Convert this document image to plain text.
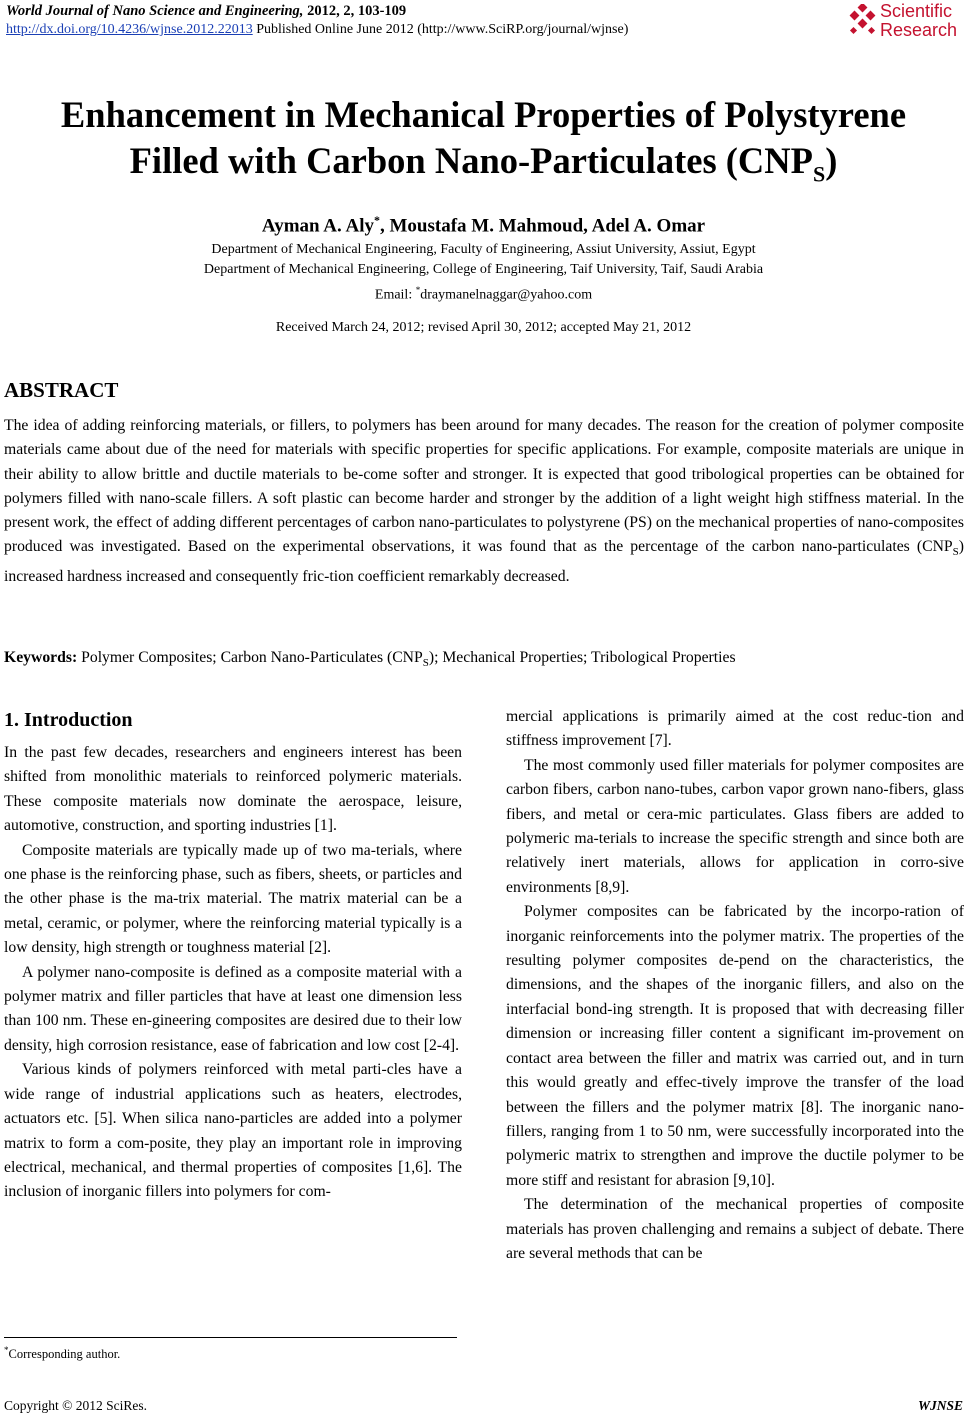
World Journal of Nano Science and Engineering, 2012, 2, 103-109
http://dx.doi.org/10.4236/wjnse.2012.22013 Published Online June 2012 (http://www.SciRP.org/journal/wjnse)
Scientific
Research
Enhancement in Mechanical Properties of Polystyrene
Filled with Carbon Nano-Particulates $(CNP_S)$
Ayman A. Aly*, Moustafa M. Mahmoud, Adel A. Omar
Department of Mechanical Engineering, Faculty of Engineering, Assiut University, Assiut, Egypt
Department of Mechanical Engineering, College of Engineering, Taif University, Taif, Saudi Arabia
Email: *draymanelnaggar@yahoo.com
Received March 24, 2012; revised April 30, 2012; accepted May 21, 2012
ABSTRACT
The idea of adding reinforcing materials, or fillers, to polymers has been around for many decades. The reason for the creation of polymer composite materials came about due of the need for materials with specific properties for specific applications. For example, composite materials are unique in their ability to allow brittle and ductile materials to be-come softer and stronger. It is expected that good tribological properties can be obtained for polymers filled with nano-scale fillers. A soft plastic can become harder and stronger by the addition of a light weight high stiffness material. In the present work, the effect of adding different percentages of carbon nano-particulates to polystyrene (PS) on the mechanical properties of nano-composites produced was investigated. Based on the experimental observations, it was found that as the percentage of the carbon nano-particulates $(CNP_S)$ increased hardness increased and consequently fric-tion coefficient remarkably decreased.
Keywords: Polymer Composites; Carbon Nano-Particulates $(CNP_S)$; Mechanical Properties; Tribological Properties
1. Introduction

In the past few decades, researchers and engineers interest has been shifted from monolithic materials to reinforced polymeric materials. These composite materials now dominate the aerospace, leisure, automotive, construction, and sporting industries [1].

Composite materials are typically made up of two ma-terials, where one phase is the reinforcing phase, such as fibers, sheets, or particles and the other phase is the ma-trix material. The matrix material can be a metal, ceramic, or polymer, where the reinforcing material typically is a low density, high strength or toughness material [2].

A polymer nano-composite is defined as a composite material with a polymer matrix and filler particles that have at least one dimension less than 100 nm. These en-gineering composites are desired due to their low density, high corrosion resistance, ease of fabrication and low cost [2-4].

Various kinds of polymers reinforced with metal parti-cles have a wide range of industrial applications such as heaters, electrodes, actuators etc. [5]. When silica nano-particles are added into a polymer matrix to form a com-posite, they play an important role in improving electrical, mechanical, and thermal properties of composites [1,6]. The inclusion of inorganic fillers into polymers for com-

mercial applications is primarily aimed at the cost reduc-tion and stiffness improvement [7].

The most commonly used filler materials for polymer composites are carbon fibers, carbon nano-tubes, carbon vapor grown nano-fibers, glass fibers, and metal or cera-mic particulates. Glass fibers are added to polymeric ma-terials to increase the specific strength and since both are relatively inert materials, allows for application in corro-sive environments [8,9].

Polymer composites can be fabricated by the incorpo-ration of inorganic reinforcements into the polymer matrix. The properties of the resulting polymer composites de-pend on the characteristics, the dimensions, and the shapes of the inorganic fillers, and also on the interfacial bond-ing strength. It is proposed that with decreasing filler dimension or increasing filler content a significant im-provement on contact area between the filler and matrix was carried out, and in turn this would greatly and effec-tively improve the transfer of the load between the fillers and the polymer matrix [8]. The inorganic nano-fillers, ranging from 1 to 50 nm, were successfully incorporated into the polymeric matrix to strengthen and improve the ductile polymer to be more stiff and resistant for abrasion [9,10].

The determination of the mechanical properties of composite materials has proven challenging and remains a subject of debate. There are several methods that can be

*Corresponding author.
Copyright © 2012 SciRes.	WJNSE
